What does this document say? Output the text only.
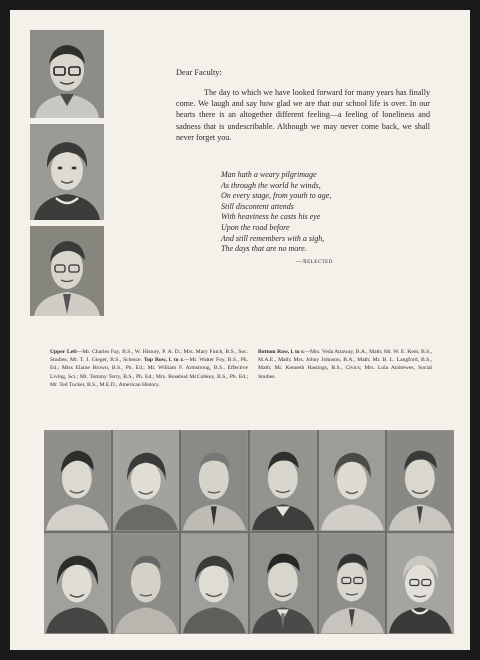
Dear Faculty:
The day to which we have looked forward for many years has finally come. We laugh and say how glad we are that our school life is over. In our hearts there is an altogether different feeling—a feeling of loneliness and sadness that is undescribable. Although we may never come back, we shall never forget you.
Man hath a weary pilgrimage
As through the world he winds,
On every stage, from youth to age,
Still discontent attends
With heaviness he casts his eye
Upon the road before
And still remembers with a sigh,
The days that are no more.
—Selected
Upper Left—Mr. Charles Fay, B.S., W. History, P. A. D.; Mrs. Mary Futch, B.S., Soc. Studies; Mr. T. J. Gieger, B.S., Science. Top Row, l. to r.—Mr. Walter Foy, B.S., Ph. Ed.; Miss Elaine Brown, B.S., Ph. Ed.; Mr. William F. Armstrong, B.S., Effective Living, Sci.; Mr. Tommy Terry, B.S., Ph. Ed.; Mrs. Rosebud McCobkey, B.S., Ph. Ed.; Mr. Ted Tucker, B.S., M.E.D., American History.
Bottom Row, l. to r.—Mrs. Veda Attaway, B.A., Math; Mr. W. E. Kent, B.S., M.A.E., Math; Mrs. Johny Johnson, B.A., Math; Mr. B. L. Langford, B.S., Math; Mr. Kenneth Hastings, B.S., Civics; Mrs. Lola Andrewes, Social Studies.
